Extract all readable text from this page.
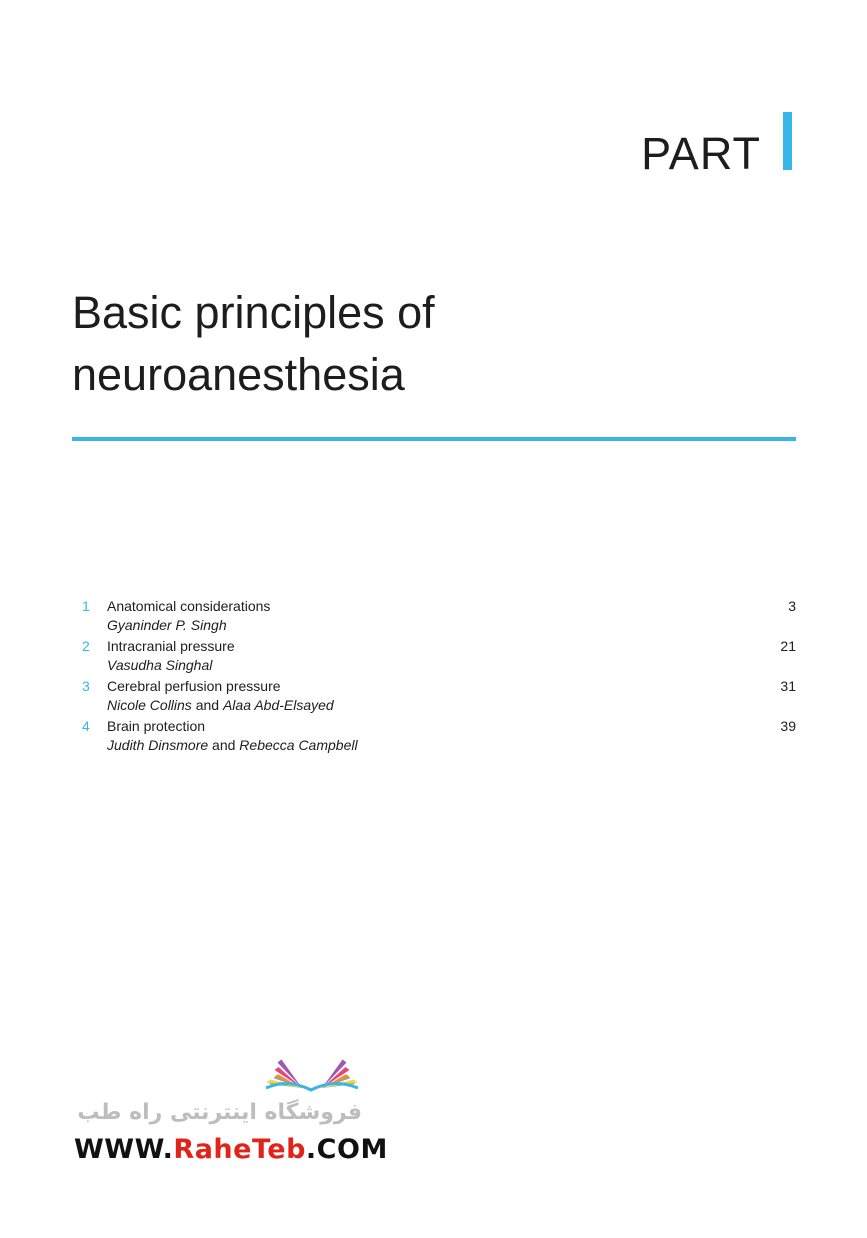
PART
Basic principles of
neuroanesthesia
1	Anatomical considerations	3
Gyaninder P. Singh
2	Intracranial pressure	21
Vasudha Singhal
3	Cerebral perfusion pressure	31
Nicole Collins and Alaa Abd-Elsayed
4	Brain protection	39
Judith Dinsmore and Rebecca Campbell
فروشگاه اینترنتی راه طب
WWW.RaheTeb.COM
